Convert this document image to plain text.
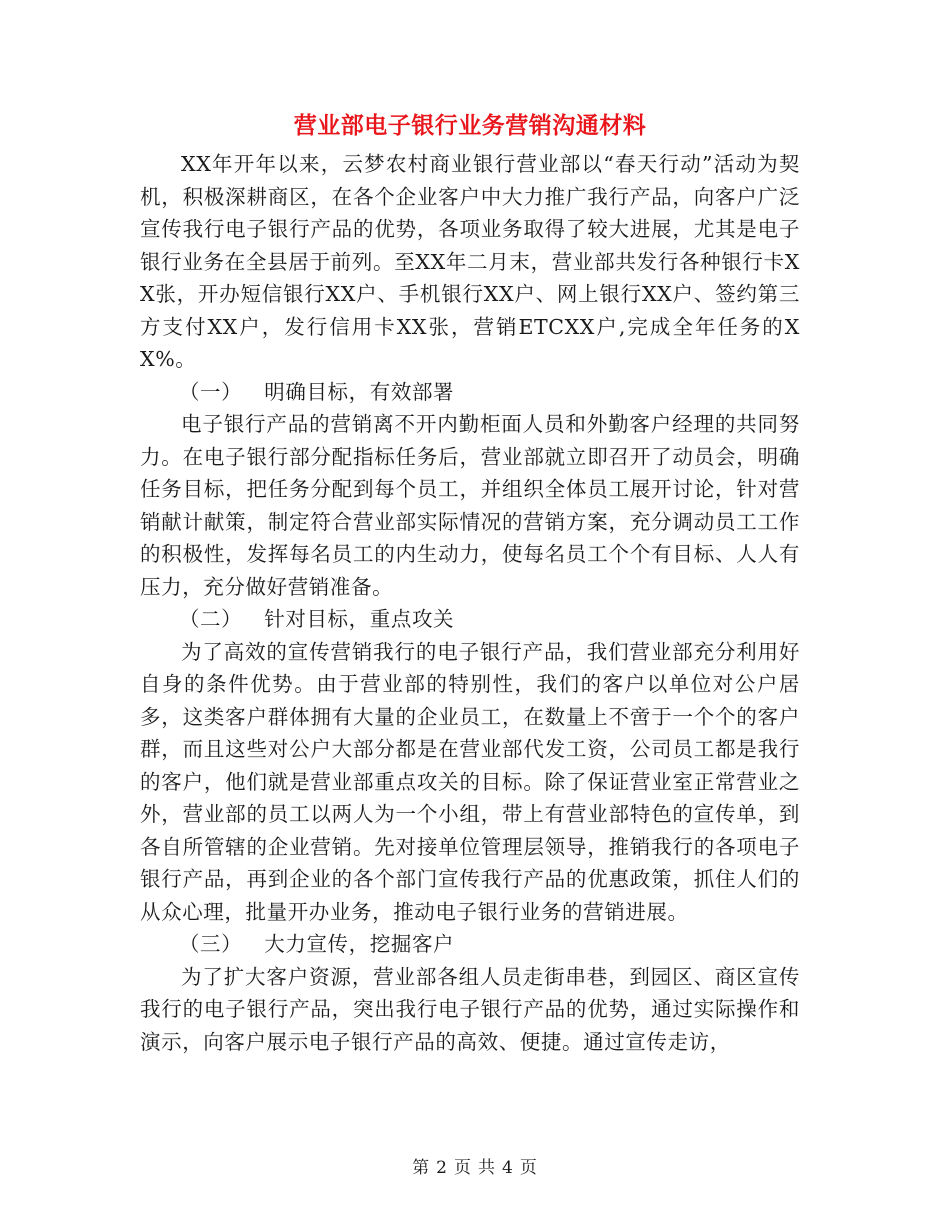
营业部电子银行业务营销沟通材料

XX年开年以来，云梦农村商业银行营业部以“春天行动”活动为契机，积极深耕商区，在各个企业客户中大力推广我行产品，向客户广泛宣传我行电子银行产品的优势，各项业务取得了较大进展，尤其是电子银行业务在全县居于前列。至XX年二月末，营业部共发行各种银行卡XX张，开办短信银行XX户、手机银行XX户、网上银行XX户、签约第三方支付XX户，发行信用卡XX张，营销ETCXX户,完成全年任务的XX%。

（一） 明确目标，有效部署

电子银行产品的营销离不开内勤柜面人员和外勤客户经理的共同努力。在电子银行部分配指标任务后，营业部就立即召开了动员会，明确任务目标，把任务分配到每个员工，并组织全体员工展开讨论，针对营销献计献策，制定符合营业部实际情况的营销方案，充分调动员工工作的积极性，发挥每名员工的内生动力，使每名员工个个有目标、人人有压力，充分做好营销准备。

（二） 针对目标，重点攻关

为了高效的宣传营销我行的电子银行产品，我们营业部充分利用好自身的条件优势。由于营业部的特别性，我们的客户以单位对公户居多，这类客户群体拥有大量的企业员工，在数量上不啻于一个个的客户群，而且这些对公户大部分都是在营业部代发工资，公司员工都是我行的客户，他们就是营业部重点攻关的目标。除了保证营业室正常营业之外，营业部的员工以两人为一个小组，带上有营业部特色的宣传单，到各自所管辖的企业营销。先对接单位管理层领导，推销我行的各项电子银行产品，再到企业的各个部门宣传我行产品的优惠政策，抓住人们的从众心理，批量开办业务，推动电子银行业务的营销进展。

（三） 大力宣传，挖掘客户

为了扩大客户资源，营业部各组人员走街串巷，到园区、商区宣传我行的电子银行产品，突出我行电子银行产品的优势，通过实际操作和演示，向客户展示电子银行产品的高效、便捷。通过宣传走访，

第 2 页 共 4 页
